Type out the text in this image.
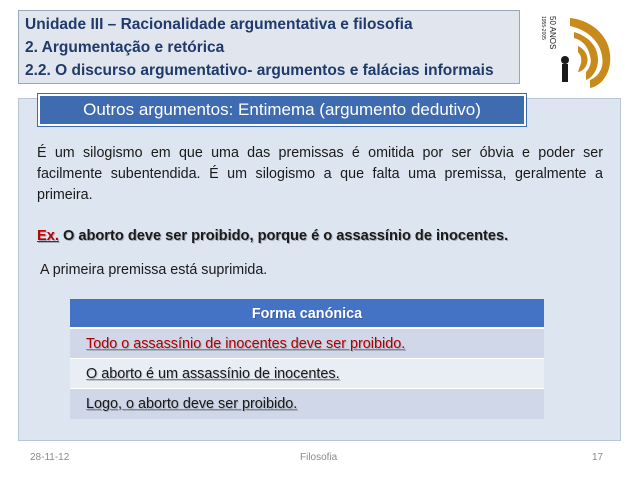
Unidade III – Racionalidade argumentativa e filosofia
2. Argumentação e retórica
2.2. O discurso argumentativo- argumentos e falácias informais
50 ANOS
1955-2005
Outros argumentos: Entimema (argumento dedutivo)
É um silogismo em que uma das premissas é omitida por ser óbvia e poder ser facilmente subentendida. É um silogismo a que falta uma premissa, geralmente a primeira.
Ex. O aborto deve ser proibido, porque é o assassínio de inocentes.
A primeira premissa está suprimida.
Forma canónica
Todo o assassínio de inocentes deve ser proibido.
O aborto é um assassínio de inocentes.
Logo, o aborto deve ser proibido.
28-11-12	Filosofia	17
